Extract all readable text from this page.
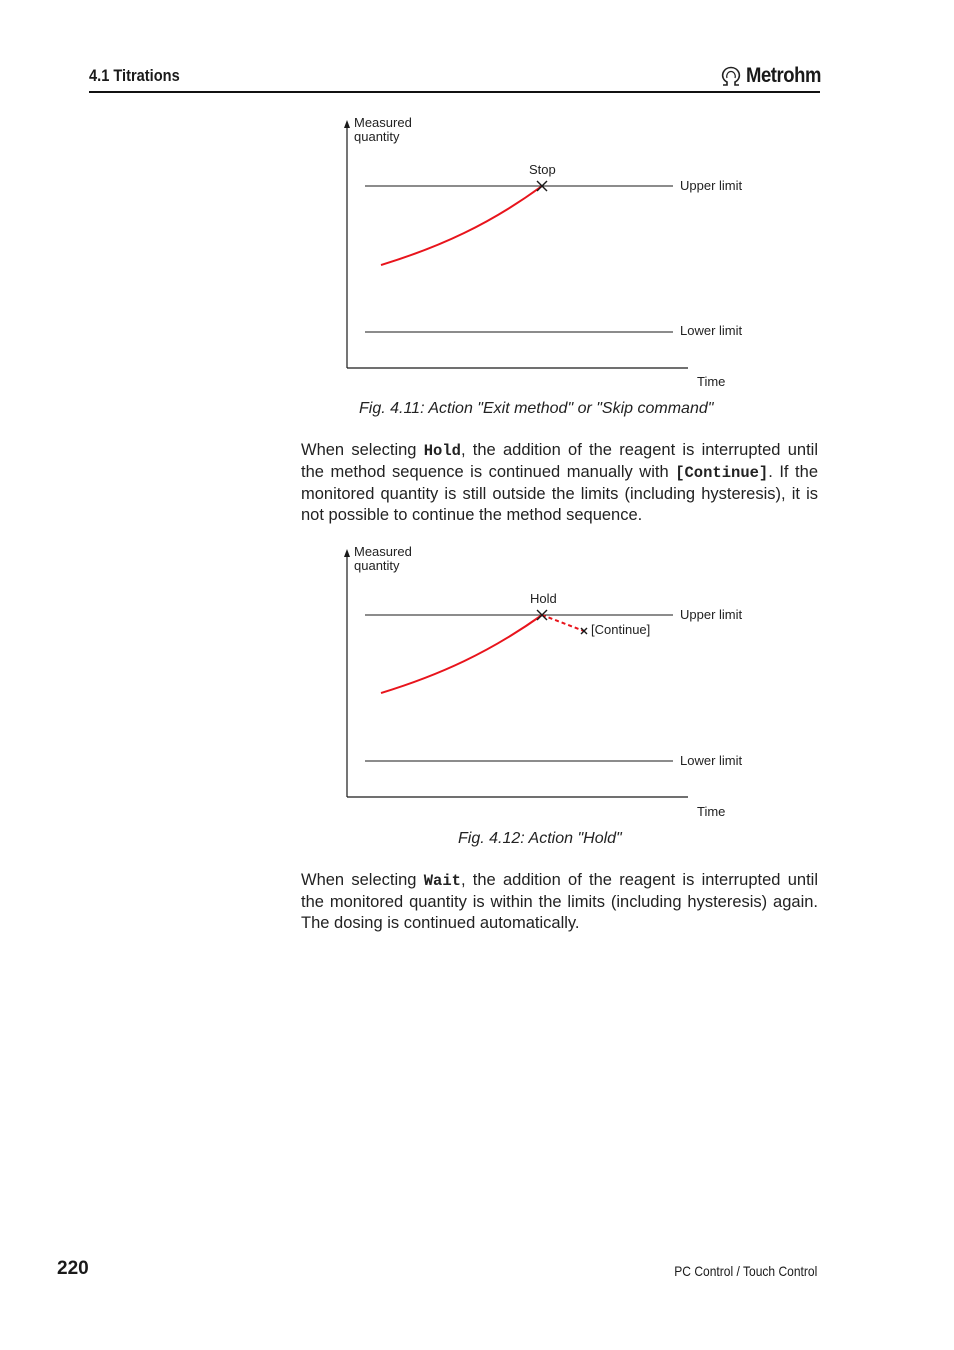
4.1 Titrations	Metrohm
Measured
quantity
Upper limit
Lower limit
Stop
Time
Fig. 4.11: Action "Exit method" or "Skip command"
When selecting Hold, the addition of the reagent is interrupted until the method sequence is continued manually with [Continue]. If the monitored quantity is still outside the limits (including hysteresis), it is not possible to continue the method sequence.
Measured
quantity
Upper limit
Lower limit
Hold
[Continue]
Time
Fig. 4.12: Action "Hold"
When selecting Wait, the addition of the reagent is interrupted until the monitored quantity is within the limits (including hysteresis) again. The dosing is continued automatically.
220	PC Control / Touch Control
